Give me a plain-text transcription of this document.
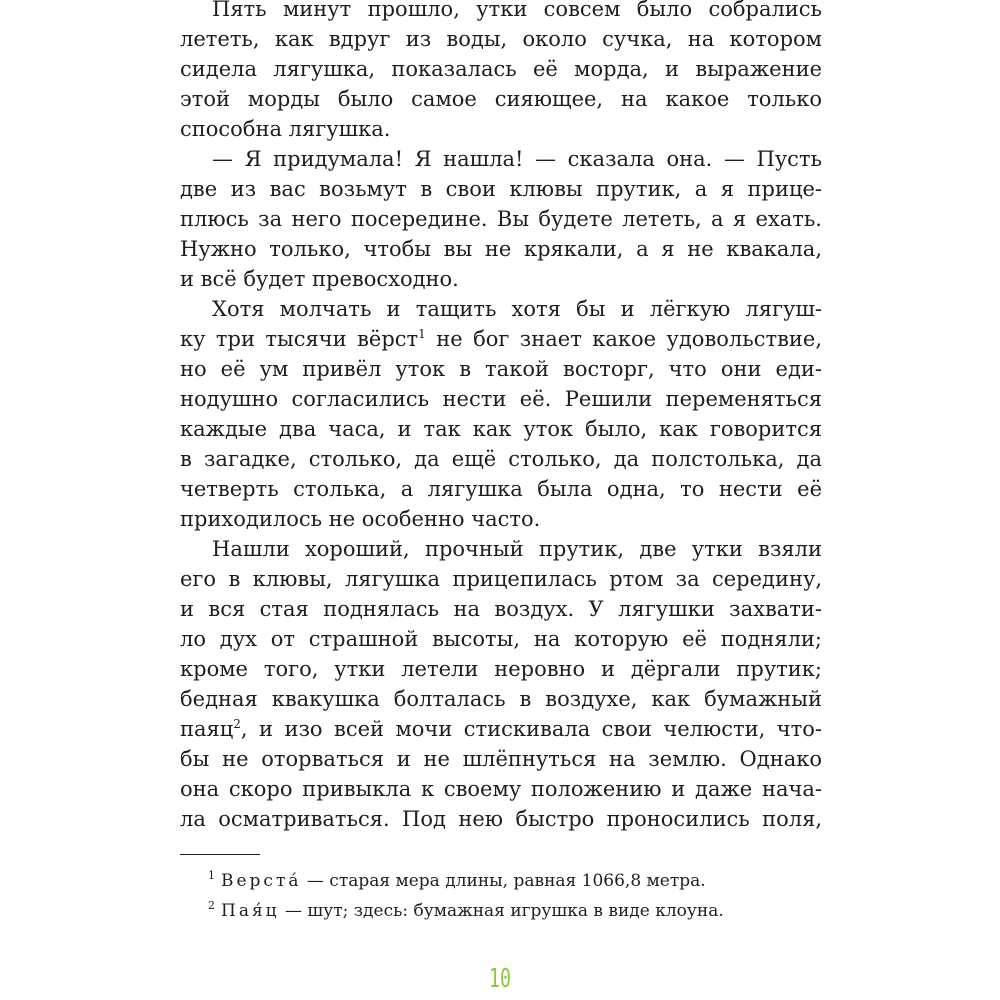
Пять минут прошло, утки совсем было собрались
лететь, как вдруг из воды, около сучка, на котором
сидела лягушка, показалась её морда, и выражение
этой морды было самое сияющее, на какое только
способна лягушка.
— Я придумала! Я нашла! — сказала она. — Пусть
две из вас возьмут в свои клювы прутик, а я прице-
плюсь за него посередине. Вы будете лететь, а я ехать.
Нужно только, чтобы вы не крякали, а я не квакала,
и всё будет превосходно.
Хотя молчать и тащить хотя бы и лёгкую лягуш-
ку три тысячи вёрст$^1$ не бог знает какое удовольствие,
но её ум привёл уток в такой восторг, что они еди-
нодушно согласились нести её. Решили переменяться
каждые два часа, и так как уток было, как говорится
в загадке, столько, да ещё столько, да полстолька, да
четверть столька, а лягушка была одна, то нести её
приходилось не особенно часто.
Нашли хороший, прочный прутик, две утки взяли
его в клювы, лягушка прицепилась ртом за середину,
и вся стая поднялась на воздух. У лягушки захвати-
ло дух от страшной высоты, на которую её подняли;
кроме того, утки летели неровно и дёргали прутик;
бедная квакушка болталась в воздухе, как бумажный
паяц$^2$, и изо всей мочи стискивала свои челюсти, что-
бы не оторваться и не шлёпнуться на землю. Однако
она скоро привыкла к своему положению и даже нача-
ла осматриваться. Под нею быстро проносились поля,
$^1$ Верста́ — старая мера длины, равная 1066,8 метра.
$^2$ Пая́ц — шут; здесь: бумажная игрушка в виде клоуна.
10
